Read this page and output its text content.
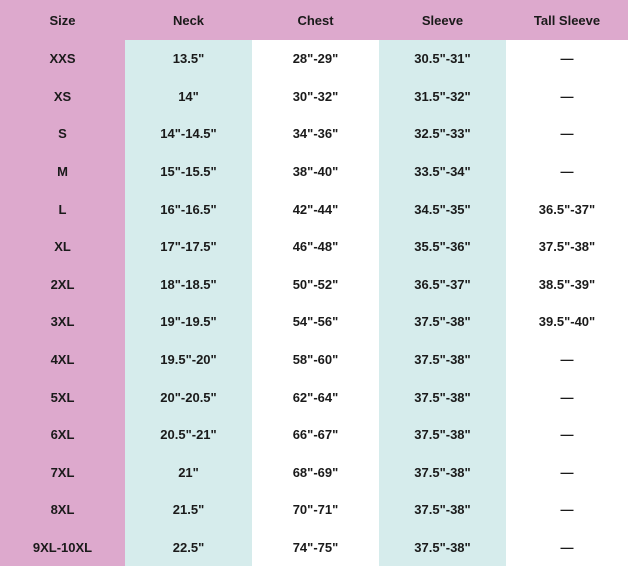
Size	Neck	Chest	Sleeve	Tall Sleeve
XXS	13.5"	28"-29"	30.5"-31"	—
XS	14"	30"-32"	31.5"-32"	—
S	14"-14.5"	34"-36"	32.5"-33"	—
M	15"-15.5"	38"-40"	33.5"-34"	—
L	16"-16.5"	42"-44"	34.5"-35"	36.5"-37"
XL	17"-17.5"	46"-48"	35.5"-36"	37.5"-38"
2XL	18"-18.5"	50"-52"	36.5"-37"	38.5"-39"
3XL	19"-19.5"	54"-56"	37.5"-38"	39.5"-40"
4XL	19.5"-20"	58"-60"	37.5"-38"	—
5XL	20"-20.5"	62"-64"	37.5"-38"	—
6XL	20.5"-21"	66"-67"	37.5"-38"	—
7XL	21"	68"-69"	37.5"-38"	—
8XL	21.5"	70"-71"	37.5"-38"	—
9XL-10XL	22.5"	74"-75"	37.5"-38"	—
